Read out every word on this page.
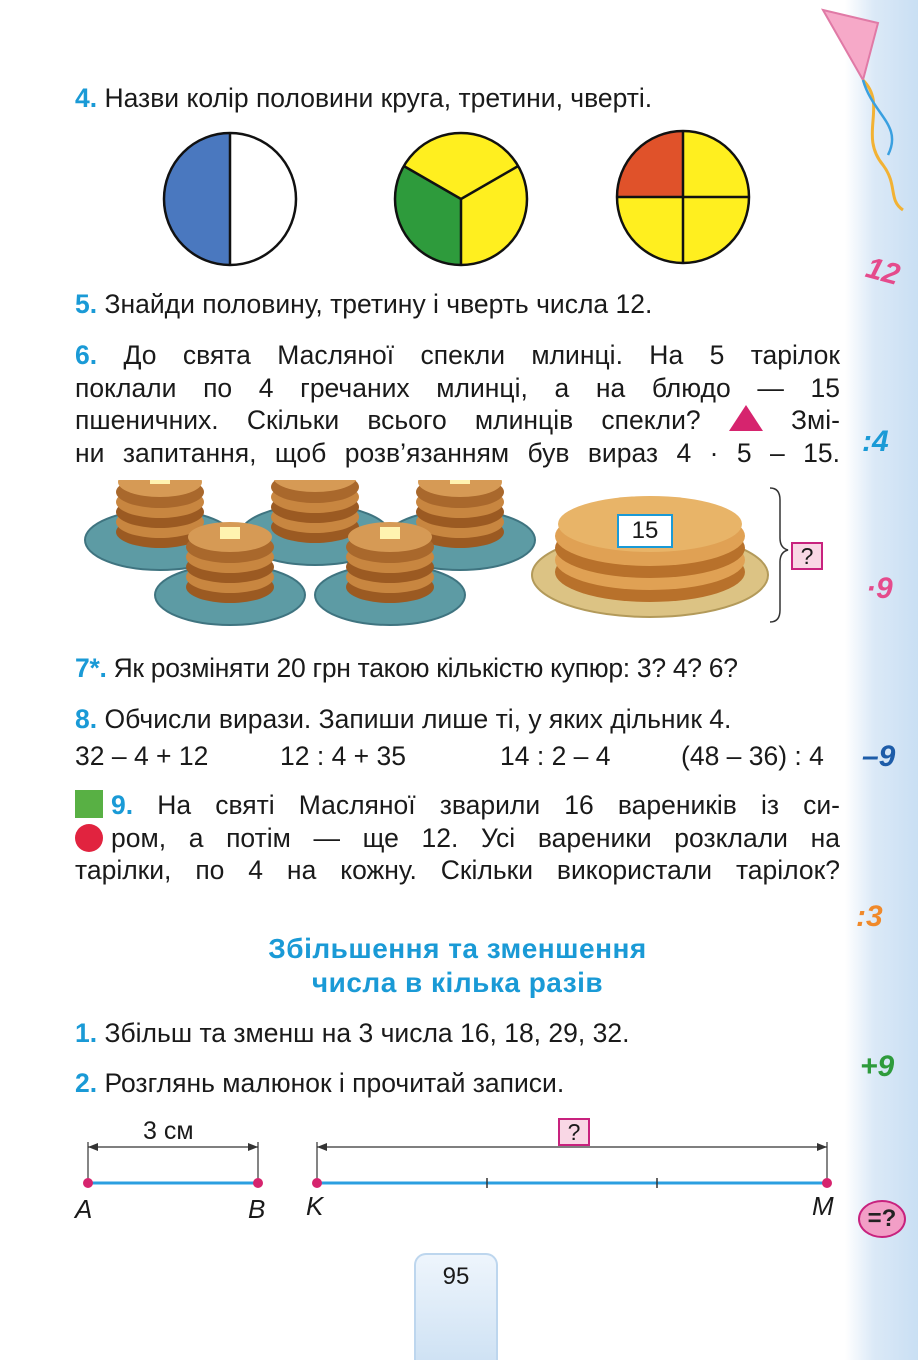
12
:4
·9
–9
:3
+9
=?
4. Назви колір половини круга, третини, чверті.
5. Знайди половину, третину і чверть числа 12.
6. До свята Масляної спекли млинці. На 5 тарілок
поклали по 4 гречаних млинці, а на блюдо — 15
пшеничних. Скільки всього млинців спекли?	Змі-
ни запитання, щоб розв’язанням був вираз 4 · 5 – 15.
15
?
7*. Як розміняти 20 грн такою кількістю купюр: 3? 4? 6?
8. Обчисли вирази. Запиши лише ті, у яких дільник 4.
32 – 4 + 12	12 : 4 + 35	14 : 2 – 4	(48 – 36) : 4
9. На святі Масляної зварили 16 вареників із си-
ром, а потім — ще 12. Усі вареники розклали на
тарілки, по 4 на кожну. Скільки використали тарілок?
Збільшення та зменшення
числа в кілька разів
1. Збільш та зменш на 3 числа 16, 18, 29, 32.
2. Розглянь малюнок і прочитай записи.
3 см	?
A	B K	M
95
